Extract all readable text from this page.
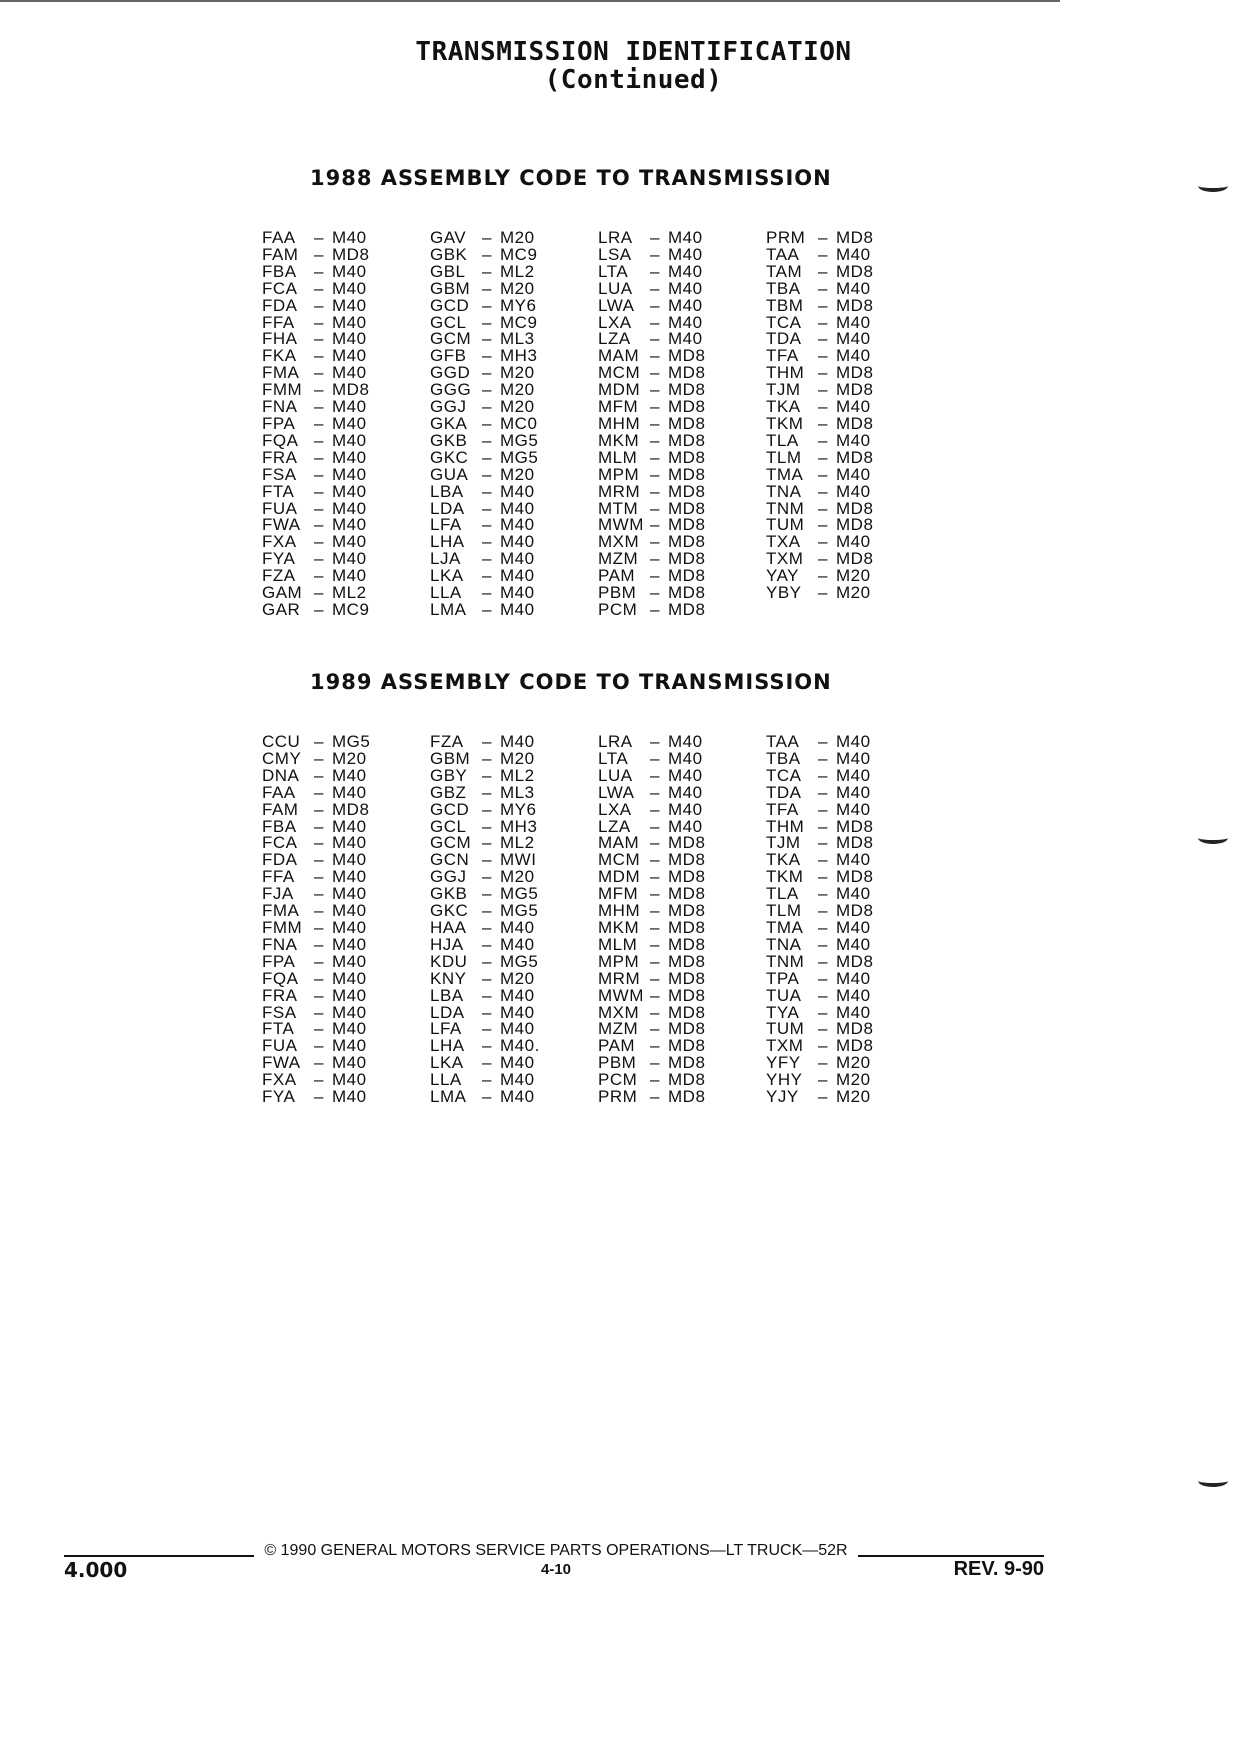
TRANSMISSION IDENTIFICATION
(Continued)
1988 ASSEMBLY CODE TO TRANSMISSION
FAA – M40
FAM – MD8
FBA – M40
FCA – M40
FDA – M40
FFA – M40
FHA – M40
FKA – M40
FMA – M40
FMM – MD8
FNA – M40
FPA – M40
FQA – M40
FRA – M40
FSA – M40
FTA – M40
FUA – M40
FWA – M40
FXA – M40
FYA – M40
FZA – M40
GAM – ML2
GAR – MC9
GAV – M20
GBK – MC9
GBL – ML2
GBM – M20
GCD – MY6
GCL – MC9
GCM – ML3
GFB – MH3
GGD – M20
GGG – M20
GGJ – M20
GKA – MC0
GKB – MG5
GKC – MG5
GUA – M20
LBA – M40
LDA – M40
LFA – M40
LHA – M40
LJA – M40
LKA – M40
LLA – M40
LMA – M40
LRA – M40
LSA – M40
LTA – M40
LUA – M40
LWA – M40
LXA – M40
LZA – M40
MAM – MD8
MCM – MD8
MDM – MD8
MFM – MD8
MHM – MD8
MKM – MD8
MLM – MD8
MPM – MD8
MRM – MD8
MTM – MD8
MWM – MD8
MXM – MD8
MZM – MD8
PAM – MD8
PBM – MD8
PCM – MD8
PRM – MD8
TAA – M40
TAM – MD8
TBA – M40
TBM – MD8
TCA – M40
TDA – M40
TFA – M40
THM – MD8
TJM – MD8
TKA – M40
TKM – MD8
TLA – M40
TLM – MD8
TMA – M40
TNA – M40
TNM – MD8
TUM – MD8
TXA – M40
TXM – MD8
YAY – M20
YBY – M20
1989 ASSEMBLY CODE TO TRANSMISSION
CCU – MG5
CMY – M20
DNA – M40
FAA – M40
FAM – MD8
FBA – M40
FCA – M40
FDA – M40
FFA – M40
FJA – M40
FMA – M40
FMM – M40
FNA – M40
FPA – M40
FQA – M40
FRA – M40
FSA – M40
FTA – M40
FUA – M40
FWA – M40
FXA – M40
FYA – M40
FZA – M40
GBM – M20
GBY – ML2
GBZ – ML3
GCD – MY6
GCL – MH3
GCM – ML2
GCN – MWI
GGJ – M20
GKB – MG5
GKC – MG5
HAA – M40
HJA – M40
KDU – MG5
KNY – M20
LBA – M40
LDA – M40
LFA – M40
LHA – M40.
LKA – M40
LLA – M40
LMA – M40
LRA – M40
LTA – M40
LUA – M40
LWA – M40
LXA – M40
LZA – M40
MAM – MD8
MCM – MD8
MDM – MD8
MFM – MD8
MHM – MD8
MKM – MD8
MLM – MD8
MPM – MD8
MRM – MD8
MWM – MD8
MXM – MD8
MZM – MD8
PAM – MD8
PBM – MD8
PCM – MD8
PRM – MD8
TAA – M40
TBA – M40
TCA – M40
TDA – M40
TFA – M40
THM – MD8
TJM – MD8
TKA – M40
TKM – MD8
TLA – M40
TLM – MD8
TMA – M40
TNA – M40
TNM – MD8
TPA – M40
TUA – M40
TYA – M40
TUM – MD8
TXM – MD8
YFY – M20
YHY – M20
YJY – M20
4.000
© 1990 GENERAL MOTORS SERVICE PARTS OPERATIONS—LT TRUCK—52R
4-10	REV. 9-90
